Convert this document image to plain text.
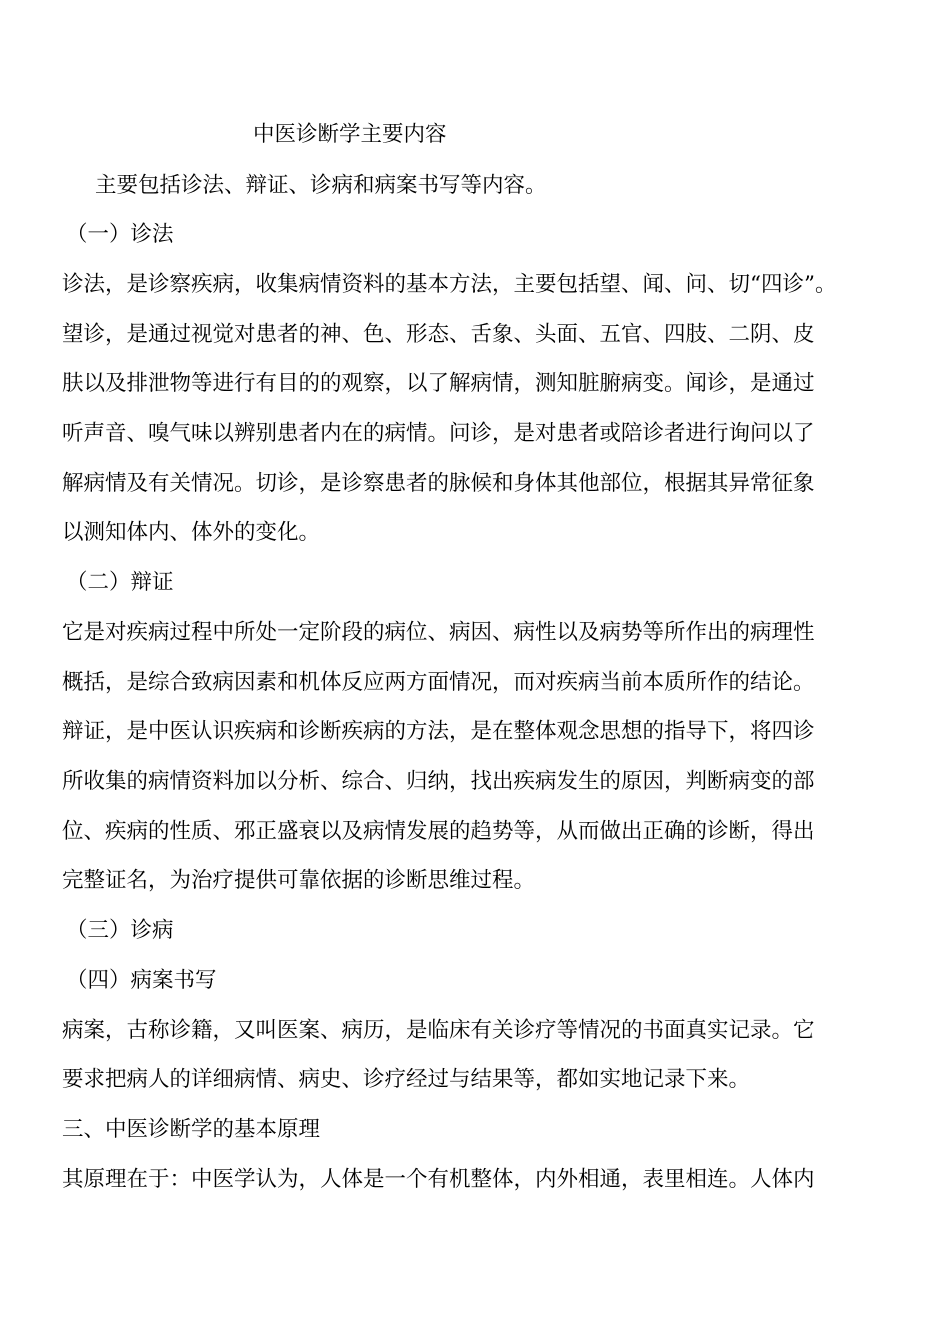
中医诊断学主要内容
主要包括诊法、辩证、诊病和病案书写等内容。
（一）诊法
诊法，是诊察疾病，收集病情资料的基本方法，主要包括望、闻、问、切“四诊”。
望诊，是通过视觉对患者的神、色、形态、舌象、头面、五官、四肢、二阴、皮
肤以及排泄物等进行有目的的观察，以了解病情，测知脏腑病变。闻诊，是通过
听声音、嗅气味以辨别患者内在的病情。问诊，是对患者或陪诊者进行询问以了
解病情及有关情况。切诊，是诊察患者的脉候和身体其他部位，根据其异常征象
以测知体内、体外的变化。
（二）辩证
它是对疾病过程中所处一定阶段的病位、病因、病性以及病势等所作出的病理性
概括，是综合致病因素和机体反应两方面情况，而对疾病当前本质所作的结论。
辩证，是中医认识疾病和诊断疾病的方法，是在整体观念思想的指导下，将四诊
所收集的病情资料加以分析、综合、归纳，找出疾病发生的原因，判断病变的部
位、疾病的性质、邪正盛衰以及病情发展的趋势等，从而做出正确的诊断，得出
完整证名，为治疗提供可靠依据的诊断思维过程。
（三）诊病
（四）病案书写
病案，古称诊籍，又叫医案、病历，是临床有关诊疗等情况的书面真实记录。它
要求把病人的详细病情、病史、诊疗经过与结果等，都如实地记录下来。
三、中医诊断学的基本原理
其原理在于：中医学认为，人体是一个有机整体，内外相通，表里相连。人体内
